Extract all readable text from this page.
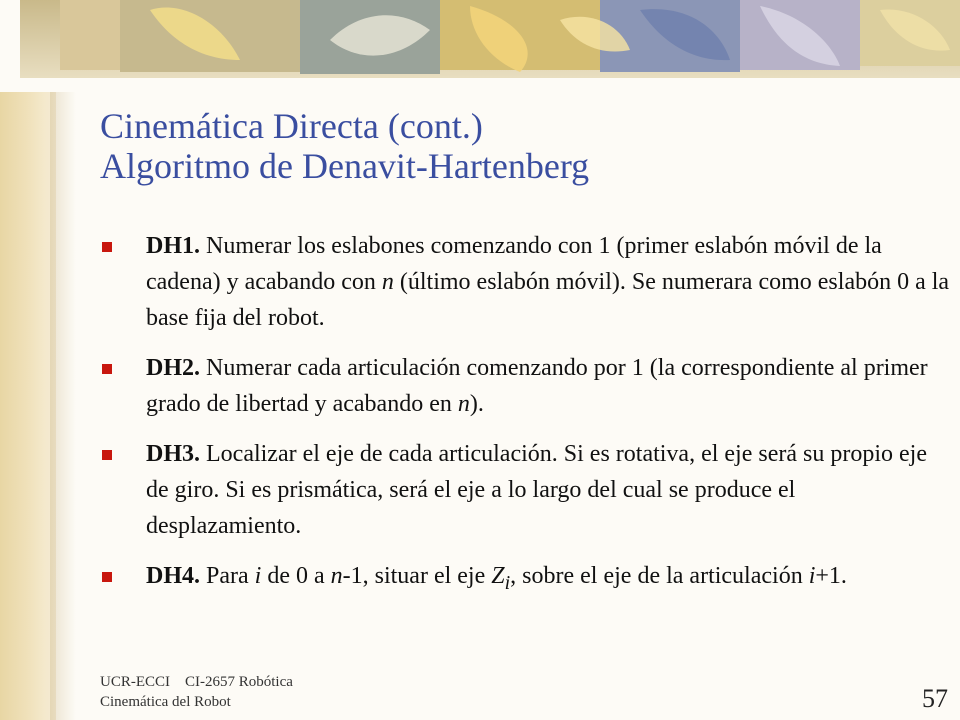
Cinemática Directa (cont.)
Algoritmo de Denavit-Hartenberg
DH1. Numerar los eslabones comenzando con 1 (primer eslabón móvil de la cadena) y acabando con n (último eslabón móvil). Se numerara como eslabón 0 a la base fija del robot.
DH2. Numerar cada articulación comenzando por 1 (la correspondiente al primer grado de libertad y acabando en n).
DH3. Localizar el eje de cada articulación. Si es rotativa, el eje será su propio eje de giro. Si es prismática, será el eje a lo largo del cual se produce el desplazamiento.
DH4. Para i de 0 a n-1, situar el eje $Z_i$, sobre el eje de la articulación i+1.
UCR-ECCI    CI-2657 Robótica
Cinemática del Robot	57
